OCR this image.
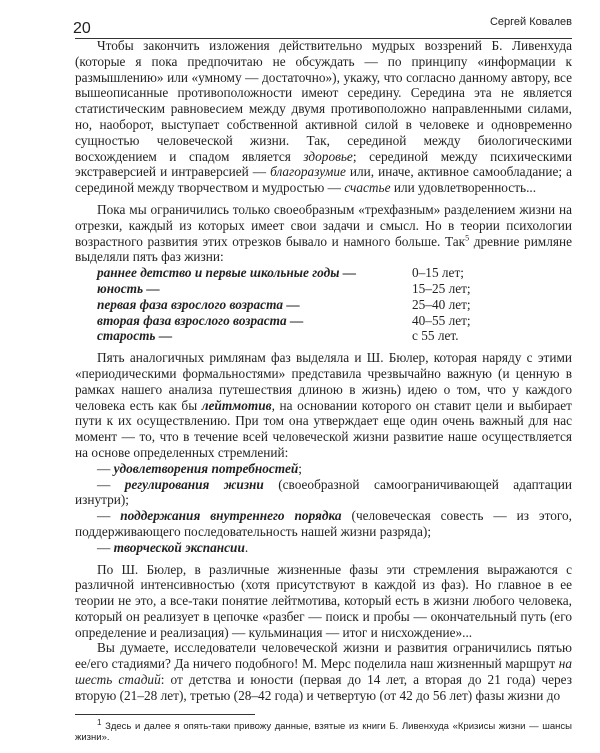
20	Сергей Ковалев

Чтобы закончить изложения действительно мудрых воззрений Б. Ливенхуда (которые я пока предпочитаю не обсуждать — по принципу «информации к размышлению» или «умному — достаточно»), укажу, что согласно данному автору, все вышеописанные противоположности имеют середину. Середина эта не является статистическим равновесием между двумя противоположно направленными силами, но, наоборот, выступает собственной активной силой в человеке и одновременно сущностью человеческой жизни. Так, серединой между биологическими восхождением и спадом является здоровье; серединой между психическими экстраверсией и интраверсией — благоразумие или, иначе, активное самообладание; а серединой между творчеством и мудростью — счастье или удовлетворенность...

Пока мы ограничились только своеобразным «трехфазным» разделением жизни на отрезки, каждый из которых имеет свои задачи и смысл. Но в теории психологии возрастного развития этих отрезков бывало и намного больше. Так$^5$ древние римляне выделяли пять фаз жизни:

раннее детство и первые школьные годы —	0–15 лет;
юность —	15–25 лет;
первая фаза взрослого возраста —	25–40 лет;
вторая фаза взрослого возраста —	40–55 лет;
старость —	с 55 лет.

Пять аналогичных римлянам фаз выделяла и Ш. Бюлер, которая наряду с этими «периодическими формальностями» представила чрезвычайно важную (и ценную в рамках нашего анализа путешествия длиною в жизнь) идею о том, что у каждого человека есть как бы лейтмотив, на основании которого он ставит цели и выбирает пути к их осуществлению. При том она утверждает еще один очень важный для нас момент — то, что в течение всей человеческой жизни развитие наше осуществляется на основе определенных стремлений:

— удовлетворения потребностей;
— регулирования жизни (своеобразной самоограничивающей адаптации изнутри);
— поддержания внутреннего порядка (человеческая совесть — из этого, поддерживающего последовательность нашей жизни разряда);
— творческой экспансии.

По Ш. Бюлер, в различные жизненные фазы эти стремления выражаются с различной интенсивностью (хотя присутствуют в каждой из фаз). Но главное в ее теории не это, а все-таки понятие лейтмотива, который есть в жизни любого человека, который он реализует в цепочке «разбег — поиск и пробы — окончательный путь (его определение и реализация) — кульминация — итог и нисхождение»...

Вы думаете, исследователи человеческой жизни и развития ограничились пятью ее/его стадиями? Да ничего подобного! М. Мерс поделила наш жизненный маршрут на шесть стадий: от детства и юности (первая до 14 лет, а вторая до 21 года) через вторую (21–28 лет), третью (28–42 года) и четвертую (от 42 до 56 лет) фазы жизни до

$^1$ Здесь и далее я опять-таки привожу данные, взятые из книги Б. Ливенхуда «Кризисы жизни — шансы жизни».
